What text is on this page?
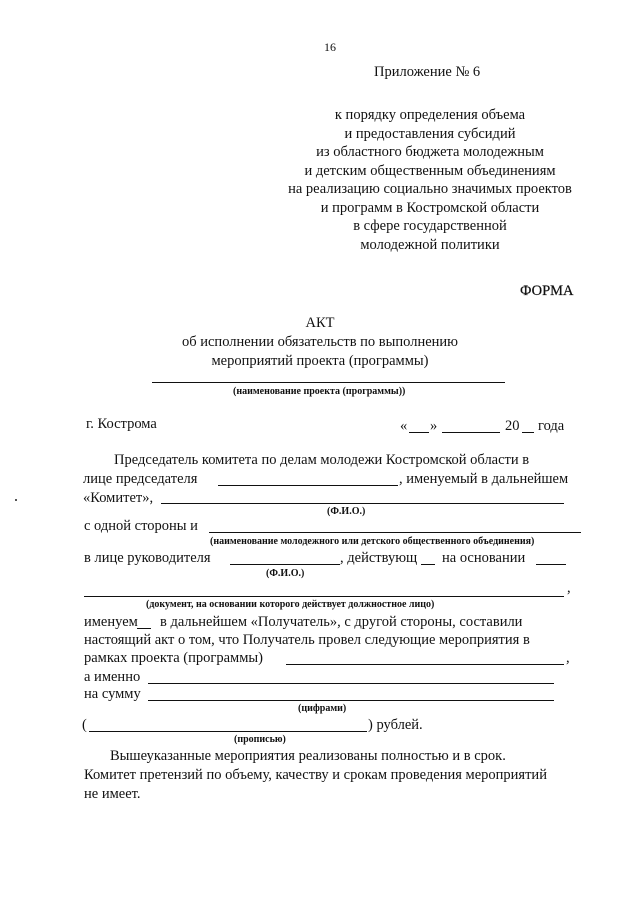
16
Приложение № 6
к порядку определения объема
и предоставления субсидий
из областного бюджета молодежным
и детским общественным объединениям
на реализацию социально значимых проектов
и программ в Костромской области
в сфере государственной
молодежной политики
ФОРМА
АКТ
об исполнении обязательств по выполнению
мероприятий проекта (программы)
(наименование проекта (программы))
г. Кострома	« »	20 года
Председатель комитета по делам молодежи Костромской области в
лице председателя	, именуемый в дальнейшем
«Комитет»,
(Ф.И.О.)
с одной стороны и
(наименование молодежного или детского общественного объединения)
в лице руководителя	, действующ на основании
(Ф.И.О.)
,
(документ, на основании которого действует должностное лицо)
именуем в дальнейшем «Получатель», с другой стороны, составили
настоящий акт о том, что Получатель провел следующие мероприятия в
рамках проекта (программы)	,
а именно
на сумму
(цифрами)
(	) рублей.
(прописью)
Вышеуказанные мероприятия реализованы полностью и в срок.
Комитет претензий по объему, качеству и срокам проведения мероприятий
не имеет.
